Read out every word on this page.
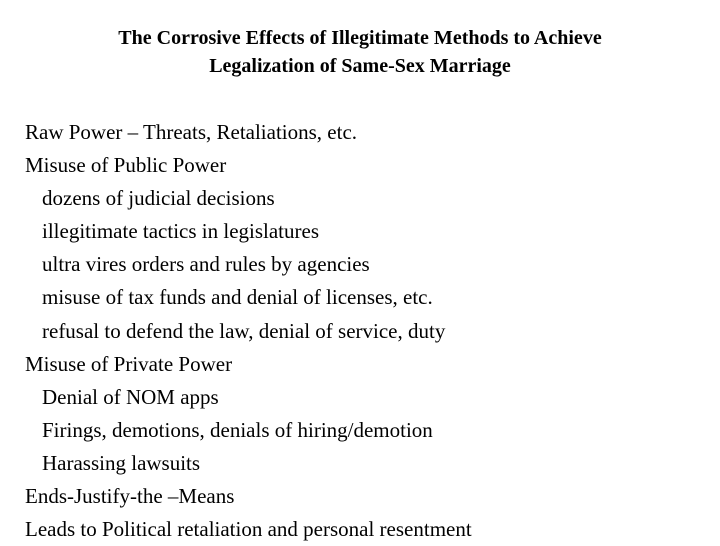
The Corrosive Effects of Illegitimate Methods to Achieve
Legalization of Same-Sex Marriage
Raw Power – Threats, Retaliations, etc.
Misuse of Public Power
dozens of judicial decisions
illegitimate tactics in legislatures
ultra vires orders and rules by agencies
misuse of tax funds and denial of licenses, etc.
refusal to defend the law, denial of service, duty
Misuse of Private Power
Denial of NOM apps
Firings, demotions, denials of hiring/demotion
Harassing lawsuits
Ends-Justify-the –Means
Leads to Political retaliation and personal resentment
